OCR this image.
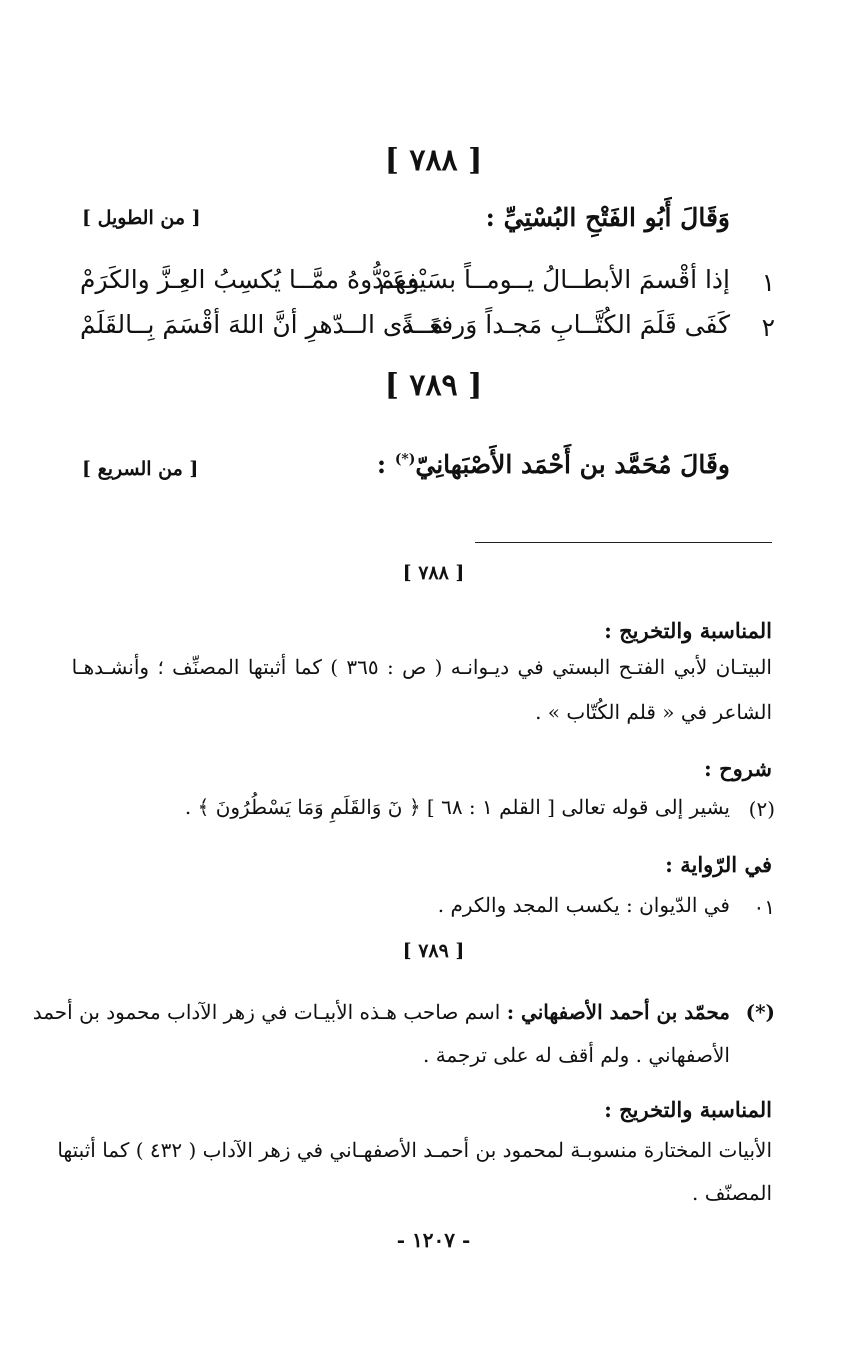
[ ٧٨٨ ]
وَقَالَ أَبُو الفَتْحِ البُسْتِيِّ :
[ من الطويل ]
١
إذا أقْسمَ الأبطــالُ يــومــاً بسَيْفِهمْ
وعَـدُّوهُ ممَّــا يُكسِبُ العِـزَّ والكَرَمْ
٢
كَفَى قَلَمَ الكُتَّــابِ مَجـداً وَرفعَــةً
مَــدى الــدّهرِ أنَّ اللهَ أقْسَمَ بِــالقَلَمْ
[ ٧٨٩ ]
وقَالَ مُحَمَّد بن أَحْمَد الأَصْبَهانِيّ(*) :
[ من السريع ]
[ ٧٨٨ ]
المناسبة والتخريج :
البيتـان لأبي الفتـح البستي في ديـوانـه ( ص : ٣٦٥ ) كما أثبتها المصنِّف ؛ وأنشـدهـا
الشاعر في « قلم الكُتّاب » .
شروح :
(٢)
يشير إلى قوله تعالى [ القلم ١ : ٦٨ ] ﴿ نٓ وَالقَلَمِ وَمَا يَسْطُرُونَ ﴾ .
في الرّواية :
٠١
في الدّيوان : يكسب المجد والكرم .
[ ٧٨٩ ]
(*)
محمّد بن أحمد الأصفهاني : اسم صاحب هـذه الأبيـات في زهر الآداب محمود بن أحمد
الأصفهاني . ولم أقف له على ترجمة .
المناسبة والتخريج :
الأبيات المختارة منسوبـة لمحمود بن أحمـد الأصفهـاني في زهر الآداب ( ٤٣٢ ) كما أثبتها
المصنّف .
- ١٢٠٧ -
